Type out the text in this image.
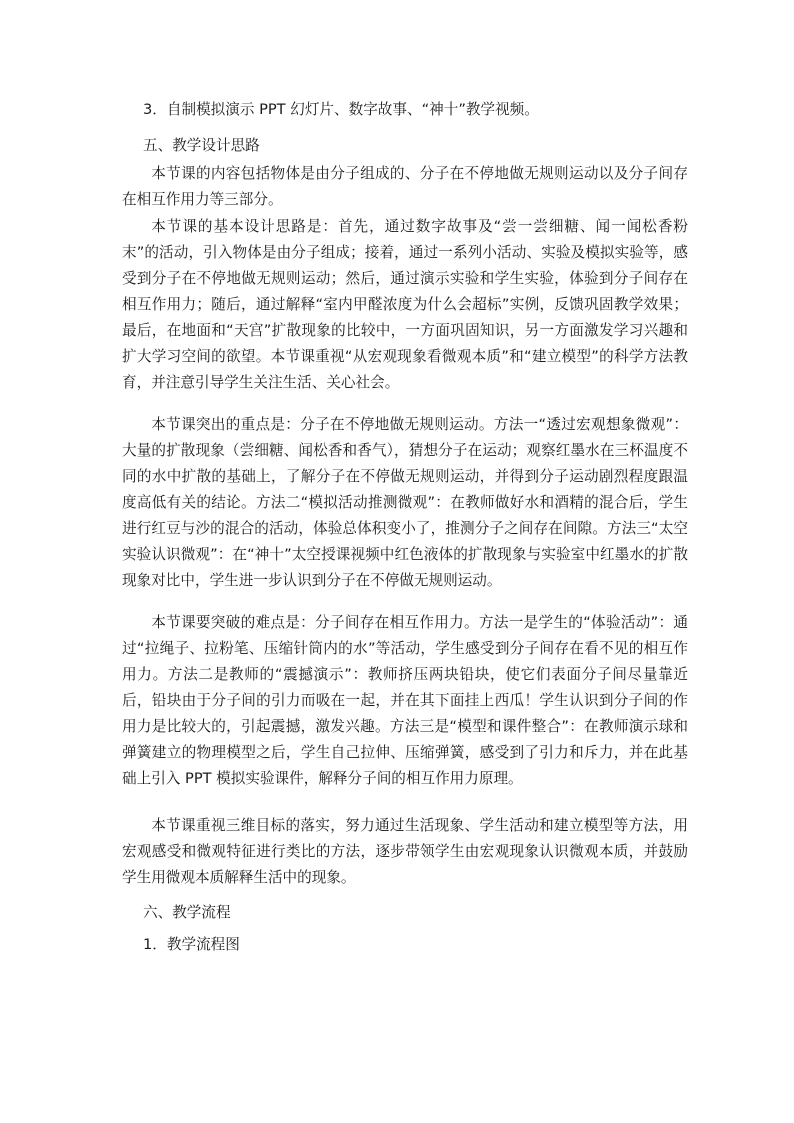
3．自制模拟演示 PPT 幻灯片、数字故事、“神十”教学视频。
五、教学设计思路

本节课的内容包括物体是由分子组成的、分子在不停地做无规则运动以及分子间存在相互作用力等三部分。

本节课的基本设计思路是：首先，通过数字故事及“尝一尝细糖、闻一闻松香粉末”的活动，引入物体是由分子组成；接着，通过一系列小活动、实验及模拟实验等，感受到分子在不停地做无规则运动；然后，通过演示实验和学生实验，体验到分子间存在相互作用力；随后，通过解释“室内甲醛浓度为什么会超标”实例，反馈巩固教学效果；最后，在地面和“天宫”扩散现象的比较中，一方面巩固知识，另一方面激发学习兴趣和扩大学习空间的欲望。本节课重视“从宏观现象看微观本质”和“建立模型”的科学方法教育，并注意引导学生关注生活、关心社会。

本节课突出的重点是：分子在不停地做无规则运动。方法一“透过宏观想象微观”：大量的扩散现象（尝细糖、闻松香和香气），猜想分子在运动；观察红墨水在三杯温度不同的水中扩散的基础上，了解分子在不停做无规则运动，并得到分子运动剧烈程度跟温度高低有关的结论。方法二“模拟活动推测微观”：在教师做好水和酒精的混合后，学生进行红豆与沙的混合的活动，体验总体积变小了，推测分子之间存在间隙。方法三“太空实验认识微观”：在“神十”太空授课视频中红色液体的扩散现象与实验室中红墨水的扩散现象对比中，学生进一步认识到分子在不停做无规则运动。

本节课要突破的难点是：分子间存在相互作用力。方法一是学生的“体验活动”：通过“拉绳子、拉粉笔、压缩针筒内的水”等活动，学生感受到分子间存在看不见的相互作用力。方法二是教师的“震撼演示”：教师挤压两块铅块，使它们表面分子间尽量靠近后，铅块由于分子间的引力而吸在一起，并在其下面挂上西瓜！学生认识到分子间的作用力是比较大的，引起震撼，激发兴趣。方法三是“模型和课件整合”：在教师演示球和弹簧建立的物理模型之后，学生自己拉伸、压缩弹簧，感受到了引力和斥力，并在此基础上引入 PPT 模拟实验课件，解释分子间的相互作用力原理。

本节课重视三维目标的落实，努力通过生活现象、学生活动和建立模型等方法，用宏观感受和微观特征进行类比的方法，逐步带领学生由宏观现象认识微观本质，并鼓励学生用微观本质解释生活中的现象。

六、教学流程
1．教学流程图
